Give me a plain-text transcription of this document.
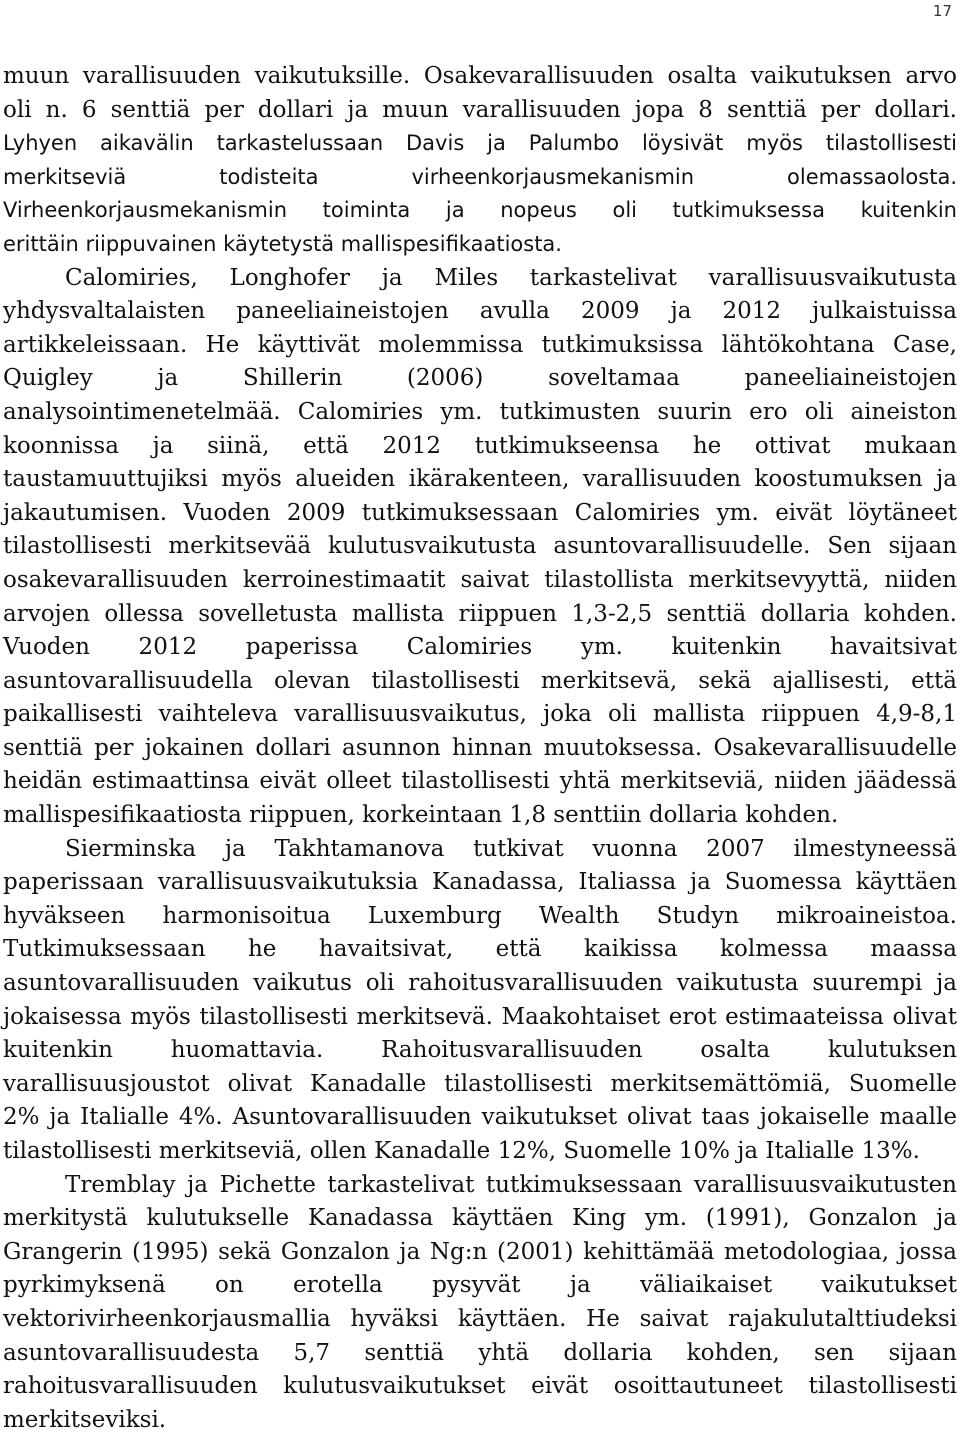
17
muun varallisuuden vaikutuksille. Osakevarallisuuden osalta vaikutuksen arvo
oli n. 6 senttiä per dollari ja muun varallisuuden jopa 8 senttiä per dollari.
Lyhyen aikavälin tarkastelussaan Davis ja Palumbo löysivät myös tilastollisesti
merkitseviä todisteita virheenkorjausmekanismin olemassaolosta.
Virheenkorjausmekanismin toiminta ja nopeus oli tutkimuksessa kuitenkin
erittäin riippuvainen käytetystä mallispesifikaatiosta.
Calomiries, Longhofer ja Miles tarkastelivat varallisuusvaikutusta
yhdysvaltalaisten paneeliaineistojen avulla 2009 ja 2012 julkaistuissa
artikkeleissaan. He käyttivät molemmissa tutkimuksissa lähtökohtana Case,
Quigley ja Shillerin (2006) soveltamaa paneeliaineistojen
analysointimenetelmää. Calomiries ym. tutkimusten suurin ero oli aineiston
koonnissa ja siinä, että 2012 tutkimukseensa he ottivat mukaan
taustamuuttujiksi myös alueiden ikärakenteen, varallisuuden koostumuksen ja
jakautumisen. Vuoden 2009 tutkimuksessaan Calomiries ym. eivät löytäneet
tilastollisesti merkitsevää kulutusvaikutusta asuntovarallisuudelle. Sen sijaan
osakevarallisuuden kerroinestimaatit saivat tilastollista merkitsevyyttä, niiden
arvojen ollessa sovelletusta mallista riippuen 1,3-2,5 senttiä dollaria kohden.
Vuoden 2012 paperissa Calomiries ym. kuitenkin havaitsivat
asuntovarallisuudella olevan tilastollisesti merkitsevä, sekä ajallisesti, että
paikallisesti vaihteleva varallisuusvaikutus, joka oli mallista riippuen 4,9-8,1
senttiä per jokainen dollari asunnon hinnan muutoksessa. Osakevarallisuudelle
heidän estimaattinsa eivät olleet tilastollisesti yhtä merkitseviä, niiden jäädessä
mallispesifikaatiosta riippuen, korkeintaan 1,8 senttiin dollaria kohden.
Sierminska ja Takhtamanova tutkivat vuonna 2007 ilmestyneessä
paperissaan varallisuusvaikutuksia Kanadassa, Italiassa ja Suomessa käyttäen
hyväkseen harmonisoitua Luxemburg Wealth Studyn mikroaineistoa.
Tutkimuksessaan he havaitsivat, että kaikissa kolmessa maassa
asuntovarallisuuden vaikutus oli rahoitusvarallisuuden vaikutusta suurempi ja
jokaisessa myös tilastollisesti merkitsevä. Maakohtaiset erot estimaateissa olivat
kuitenkin huomattavia. Rahoitusvarallisuuden osalta kulutuksen
varallisuusjoustot olivat Kanadalle tilastollisesti merkitsemättömiä, Suomelle
2% ja Italialle 4%. Asuntovarallisuuden vaikutukset olivat taas jokaiselle maalle
tilastollisesti merkitseviä, ollen Kanadalle 12%, Suomelle 10% ja Italialle 13%.
Tremblay ja Pichette tarkastelivat tutkimuksessaan varallisuusvaikutusten
merkitystä kulutukselle Kanadassa käyttäen King ym. (1991), Gonzalon ja
Grangerin (1995) sekä Gonzalon ja Ng:n (2001) kehittämää metodologiaa, jossa
pyrkimyksenä on erotella pysyvät ja väliaikaiset vaikutukset
vektorivirheenkorjausmallia hyväksi käyttäen. He saivat rajakulutalttiudeksi
asuntovarallisuudesta 5,7 senttiä yhtä dollaria kohden, sen sijaan
rahoitusvarallisuuden kulutusvaikutukset eivät osoittautuneet tilastollisesti
merkitseviksi.
